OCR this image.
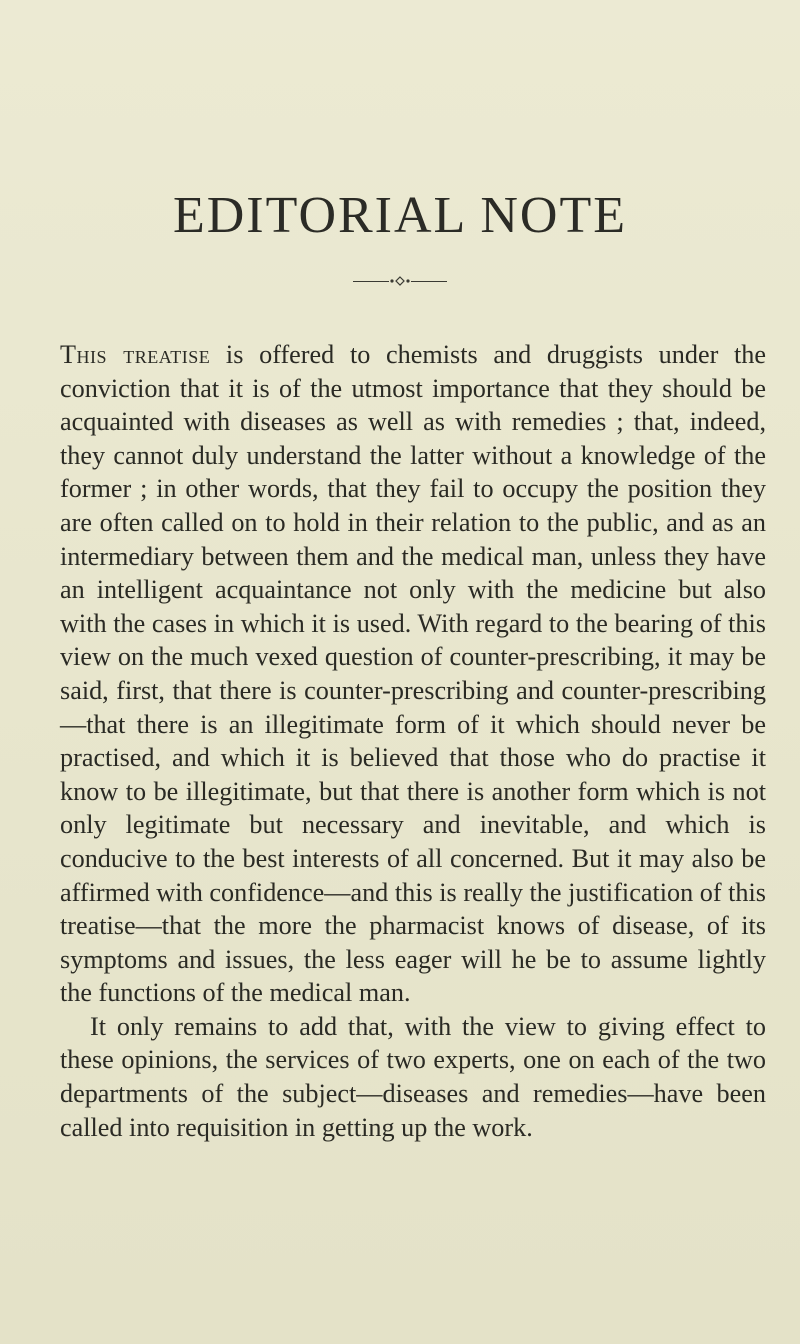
EDITORIAL NOTE

This treatise is offered to chemists and druggists under the conviction that it is of the utmost importance that they should be acquainted with diseases as well as with remedies ; that, indeed, they cannot duly understand the latter without a knowledge of the former ; in other words, that they fail to occupy the position they are often called on to hold in their relation to the public, and as an intermediary between them and the medical man, unless they have an intelligent acquaintance not only with the medicine but also with the cases in which it is used. With regard to the bearing of this view on the much vexed question of counter-prescribing, it may be said, first, that there is counter-prescribing and counter-prescribing—that there is an illegitimate form of it which should never be practised, and which it is believed that those who do practise it know to be illegitimate, but that there is another form which is not only legitimate but necessary and inevitable, and which is conducive to the best interests of all concerned. But it may also be affirmed with confidence—and this is really the justification of this treatise—that the more the pharmacist knows of disease, of its symptoms and issues, the less eager will he be to assume lightly the functions of the medical man.

It only remains to add that, with the view to giving effect to these opinions, the services of two experts, one on each of the two departments of the subject—diseases and remedies—have been called into requisition in getting up the work.
